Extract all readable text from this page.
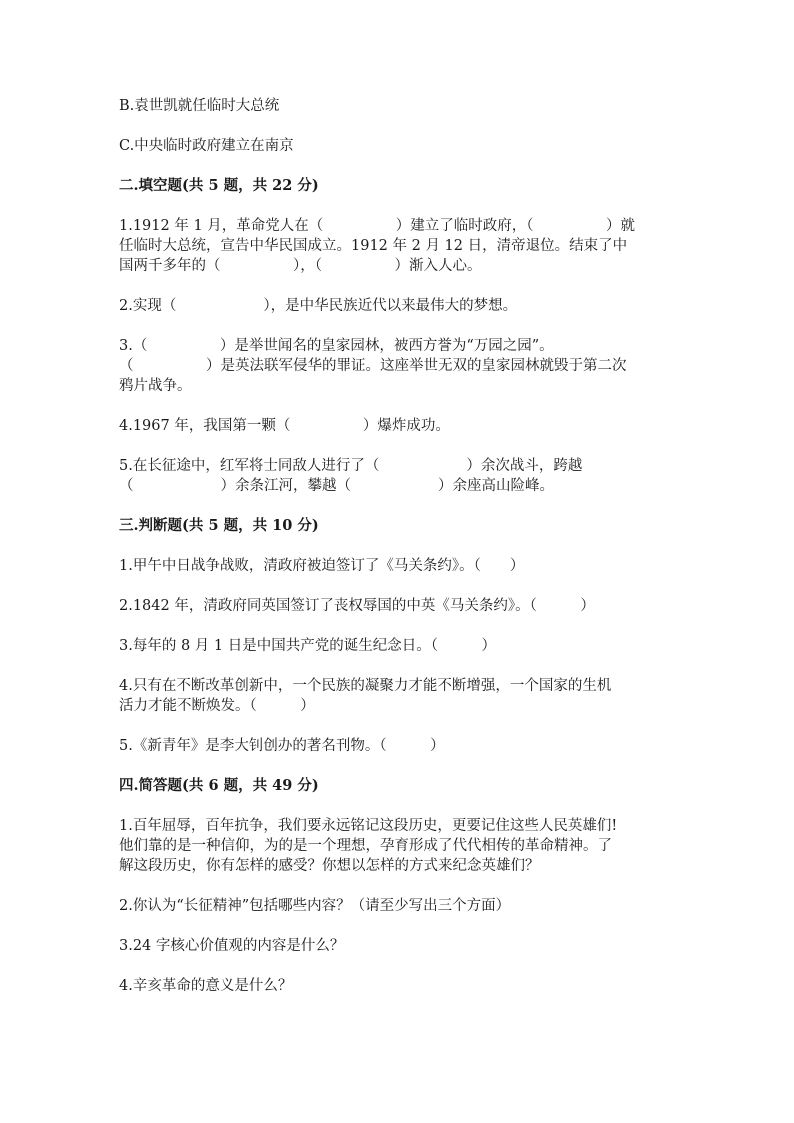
B.袁世凯就任临时大总统
C.中央临时政府建立在南京
二.填空题(共 5 题，共 22 分)
1.1912 年 1 月，革命党人在（　　　　　）建立了临时政府，（　　　　　）就
任临时大总统，宣告中华民国成立。1912 年 2 月 12 日，清帝退位。结束了中
国两千多年的（　　　　　），（　　　　　）渐入人心。
2.实现（　　　　　　），是中华民族近代以来最伟大的梦想。
3.（　　　　　）是举世闻名的皇家园林，被西方誉为“万园之园”。
（　　　　　）是英法联军侵华的罪证。这座举世无双的皇家园林就毁于第二次
鸦片战争。
4.1967 年，我国第一颗（　　　　　）爆炸成功。
5.在长征途中，红军将士同敌人进行了（　　　　　　）余次战斗，跨越
（　　　　　　）余条江河，攀越（　　　　　　）余座高山险峰。
三.判断题(共 5 题，共 10 分)
1.甲午中日战争战败，清政府被迫签订了《马关条约》。（　　）
2.1842 年，清政府同英国签订了丧权辱国的中英《马关条约》。（　　　）
3.每年的 8 月 1 日是中国共产党的诞生纪念日。（　　　）
4.只有在不断改革创新中，一个民族的凝聚力才能不断增强，一个国家的生机
活力才能不断焕发。（　　　）
5.《新青年》是李大钊创办的著名刊物。（　　　）
四.简答题(共 6 题，共 49 分)
1.百年屈辱，百年抗争，我们要永远铭记这段历史，更要记住这些人民英雄们!
他们靠的是一种信仰，为的是一个理想，孕育形成了代代相传的革命精神。了
解这段历史，你有怎样的感受？你想以怎样的方式来纪念英雄们？
2.你认为“长征精神”包括哪些内容？（请至少写出三个方面）
3.24 字核心价值观的内容是什么？
4.辛亥革命的意义是什么？
